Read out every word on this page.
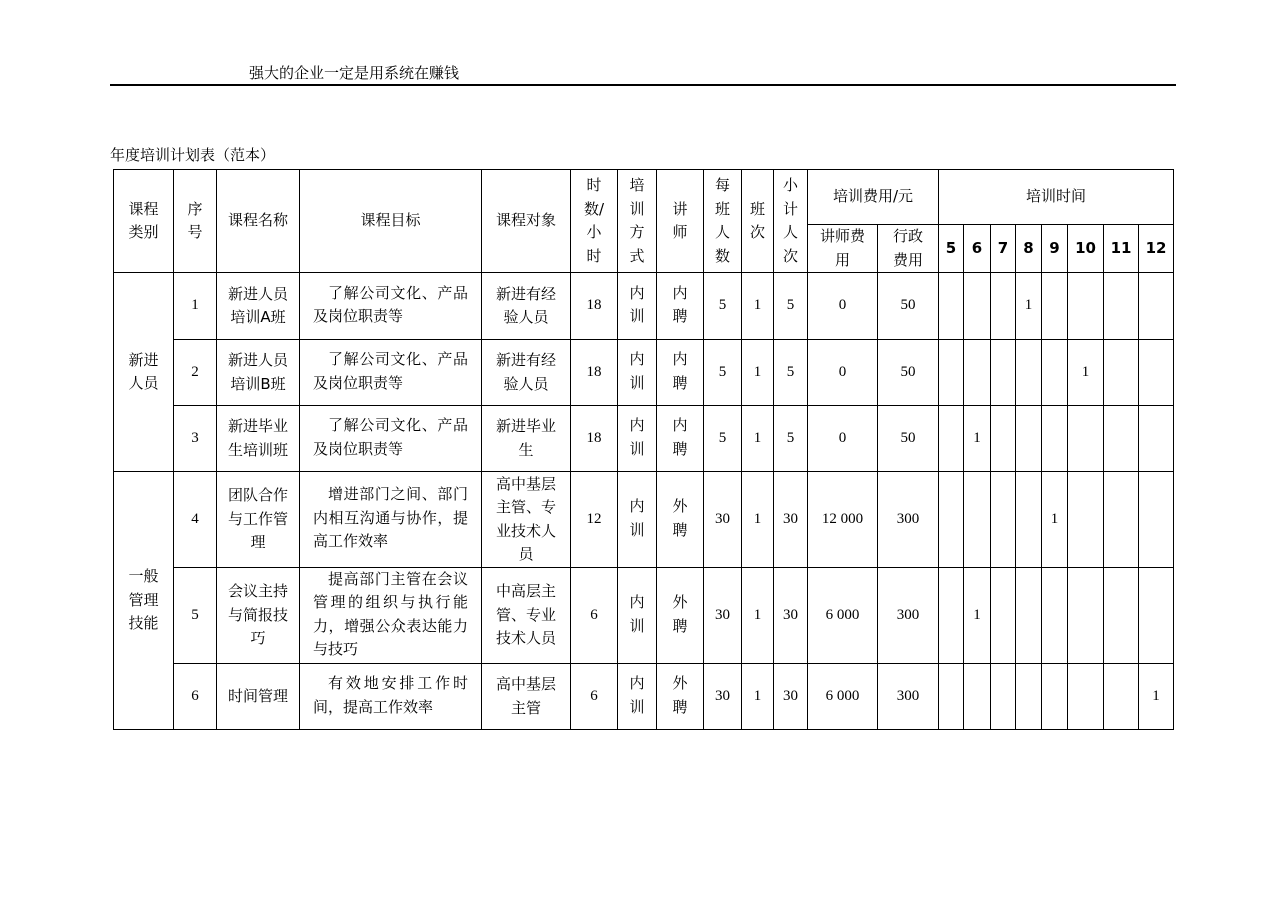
强大的企业一定是用系统在赚钱
年度培训计划表（范本）
课程类别	序号	课程名称	课程目标	课程对象	时数/小时	培训方式	讲师	每班人数	班次	小计人次	培训费用/元		培训时间							
											讲师费用	行政费用	5	6	7	8	9	10	11	12
新进人员	1	新进人员培训A班	了解公司文化、产品及岗位职责等	新进有经验人员	18	内训	内聘	5	1	5	0	50				1				
	2	新进人员培训B班	了解公司文化、产品及岗位职责等	新进有经验人员	18	内训	内聘	5	1	5	0	50						1		
	3	新进毕业生培训班	了解公司文化、产品及岗位职责等	新进毕业生	18	内训	内聘	5	1	5	0	50		1						
一般管理技能	4	团队合作与工作管理	增进部门之间、部门内相互沟通与协作，提高工作效率	高中基层主管、专业技术人员	12	内训	外聘	30	1	30	12 000	300					1			
	5	会议主持与简报技巧	提高部门主管在会议管理的组织与执行能力，增强公众表达能力与技巧	中高层主管、专业技术人员	6	内训	外聘	30	1	30	6 000	300		1						
	6	时间管理	有效地安排工作时间，提高工作效率	高中基层主管	6	内训	外聘	30	1	30	6 000	300								1
